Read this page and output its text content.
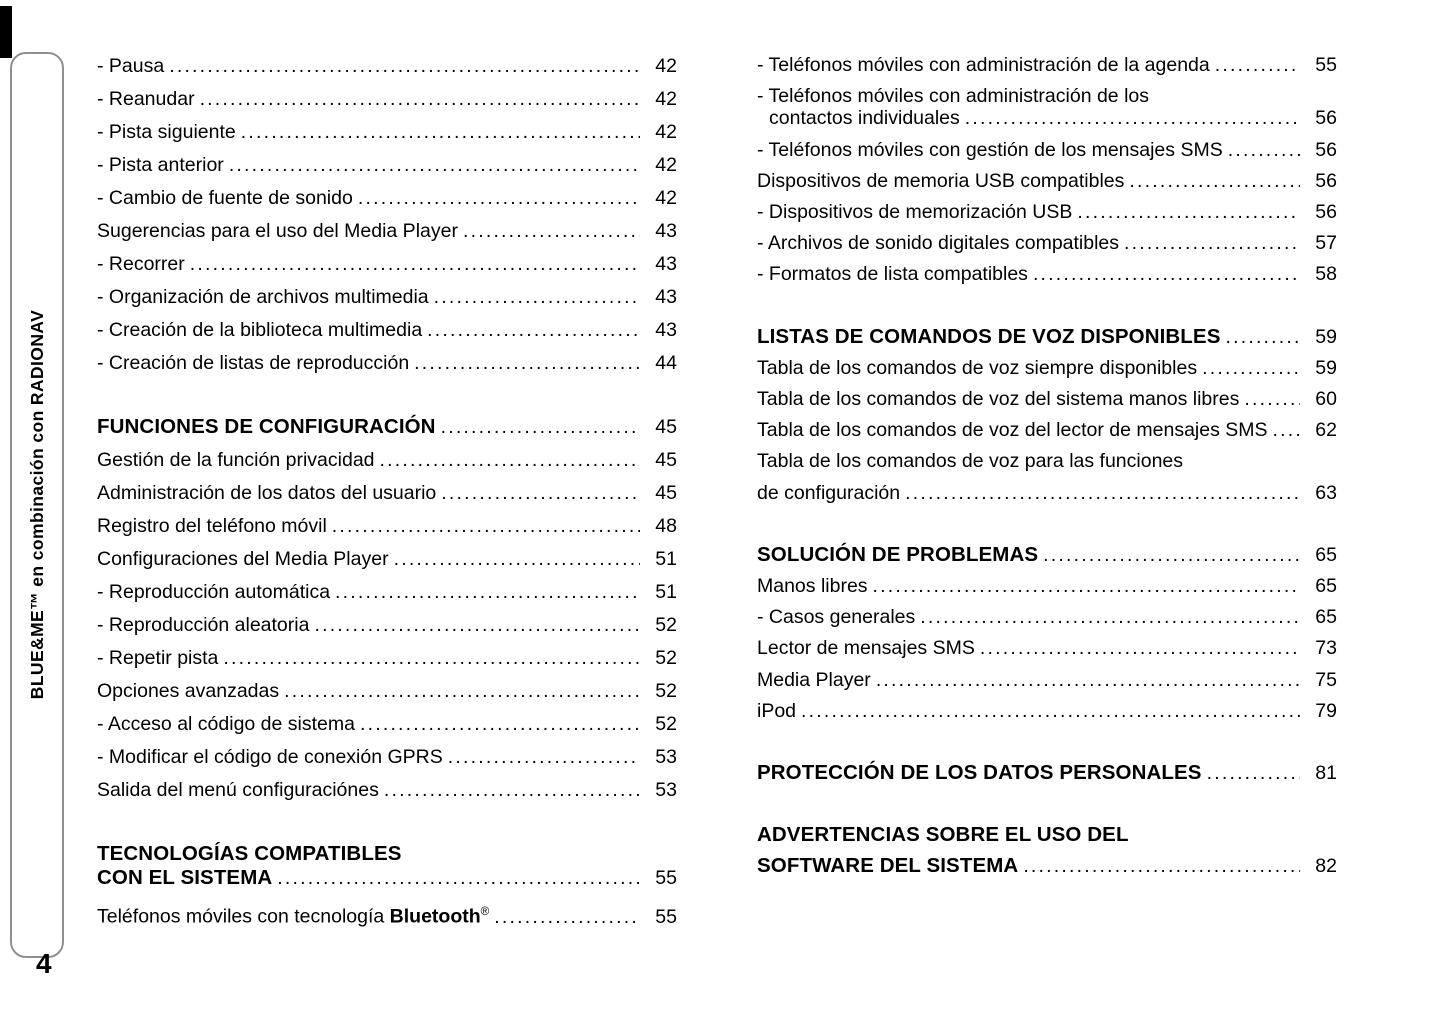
BLUE&ME™ en combinación con RADIONAV
4
- Pausa .....	42
- Reanudar .....	42
- Pista siguiente .....	42
- Pista anterior .....	42
- Cambio de fuente de sonido .....	42
Sugerencias para el uso del Media Player .....	43
- Recorrer .....	43
- Organización de archivos multimedia .....	43
- Creación de la biblioteca multimedia .....	43
- Creación de listas de reproducción .....	44
FUNCIONES DE CONFIGURACIÓN .....	45
Gestión de la función privacidad .....	45
Administración de los datos del usuario .....	45
Registro del teléfono móvil .....	48
Configuraciones del Media Player .....	51
- Reproducción automática .....	51
- Reproducción aleatoria .....	52
- Repetir pista .....	52
Opciones avanzadas .....	52
- Acceso al código de sistema .....	52
- Modificar el código de conexión GPRS .....	53
Salida del menú configuraciónes .....	53
TECNOLOGÍAS COMPATIBLES
CON EL SISTEMA .....	55
Teléfonos móviles con tecnología Bluetooth® .....	55
- Teléfonos móviles con administración de la agenda .....	55
- Teléfonos móviles con administración de los
contactos individuales .....	56
- Teléfonos móviles con gestión de los mensajes SMS .....	56
Dispositivos de memoria USB compatibles .....	56
- Dispositivos de memorización USB .....	56
- Archivos de sonido digitales compatibles .....	57
- Formatos de lista compatibles .....	58
LISTAS DE COMANDOS DE VOZ DISPONIBLES .....	59
Tabla de los comandos de voz siempre disponibles .....	59
Tabla de los comandos de voz del sistema manos libres .....	60
Tabla de los comandos de voz del lector de mensajes SMS .....	62
Tabla de los comandos de voz para las funciones
de configuración .....	63
SOLUCIÓN DE PROBLEMAS .....	65
Manos libres .....	65
- Casos generales .....	65
Lector de mensajes SMS .....	73
Media Player .....	75
iPod .....	79
PROTECCIÓN DE LOS DATOS PERSONALES .....	81
ADVERTENCIAS SOBRE EL USO DEL
SOFTWARE DEL SISTEMA .....	82
